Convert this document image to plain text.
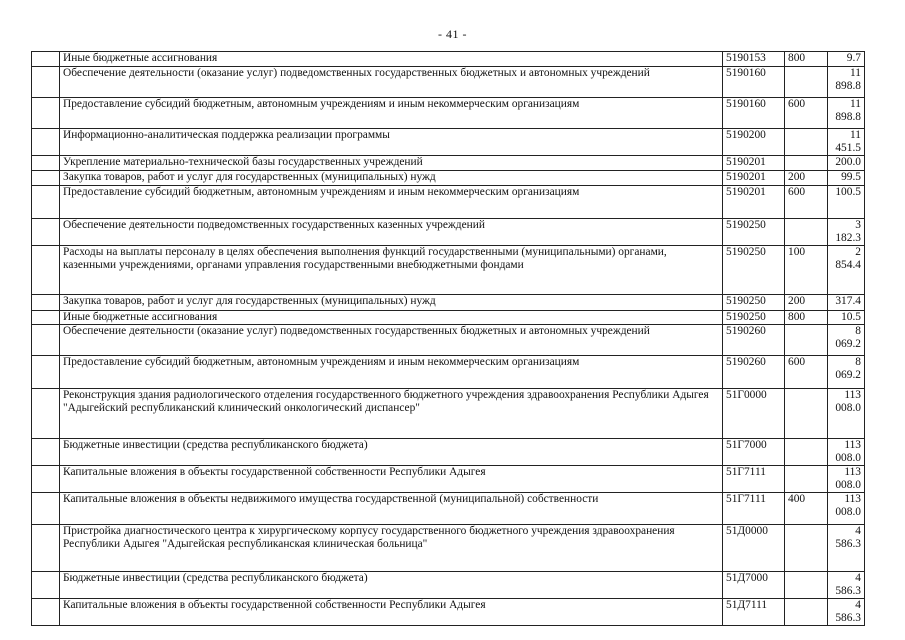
- 41 -
	Иные бюджетные ассигнования	5190153	800	9.7
	Обеспечение деятельности (оказание услуг) подведомственных государственных бюджетных и автономных учреждений	5190160		11 898.8
	Предоставление субсидий бюджетным, автономным учреждениям и иным некоммерческим организациям	5190160	600	11 898.8
	Информационно-аналитическая поддержка реализации программы	5190200		11 451.5
	Укрепление материально-технической базы государственных учреждений	5190201		200.0
	Закупка товаров, работ и услуг для государственных (муниципальных) нужд	5190201	200	99.5
	Предоставление субсидий бюджетным, автономным учреждениям и иным некоммерческим организациям	5190201	600	100.5
	Обеспечение деятельности подведомственных государственных казенных учреждений	5190250		3 182.3
	Расходы на выплаты персоналу в целях обеспечения выполнения функций государственными (муниципальными) органами, казенными учреждениями, органами управления государственными внебюджетными фондами	5190250	100	2 854.4
	Закупка товаров, работ и услуг для государственных (муниципальных) нужд	5190250	200	317.4
	Иные бюджетные ассигнования	5190250	800	10.5
	Обеспечение деятельности (оказание услуг) подведомственных государственных бюджетных и автономных учреждений	5190260		8 069.2
	Предоставление субсидий бюджетным, автономным учреждениям и иным некоммерческим организациям	5190260	600	8 069.2
	Реконструкция здания радиологического отделения государственного бюджетного учреждения здравоохранения Республики Адыгея "Адыгейский республиканский клинический онкологический диспансер"	51Г0000		113 008.0
	Бюджетные инвестиции (средства республиканского бюджета)	51Г7000		113 008.0
	Капитальные вложения в объекты государственной собственности Республики Адыгея	51Г7111		113 008.0
	Капитальные вложения в объекты недвижимого имущества государственной (муниципальной) собственности	51Г7111	400	113 008.0
	Пристройка диагностического центра к хирургическому корпусу государственного бюджетного учреждения здравоохранения Республики Адыгея "Адыгейская республиканская клиническая больница"	51Д0000		4 586.3
	Бюджетные инвестиции (средства республиканского бюджета)	51Д7000		4 586.3
	Капитальные вложения в объекты государственной собственности Республики Адыгея	51Д7111		4 586.3
